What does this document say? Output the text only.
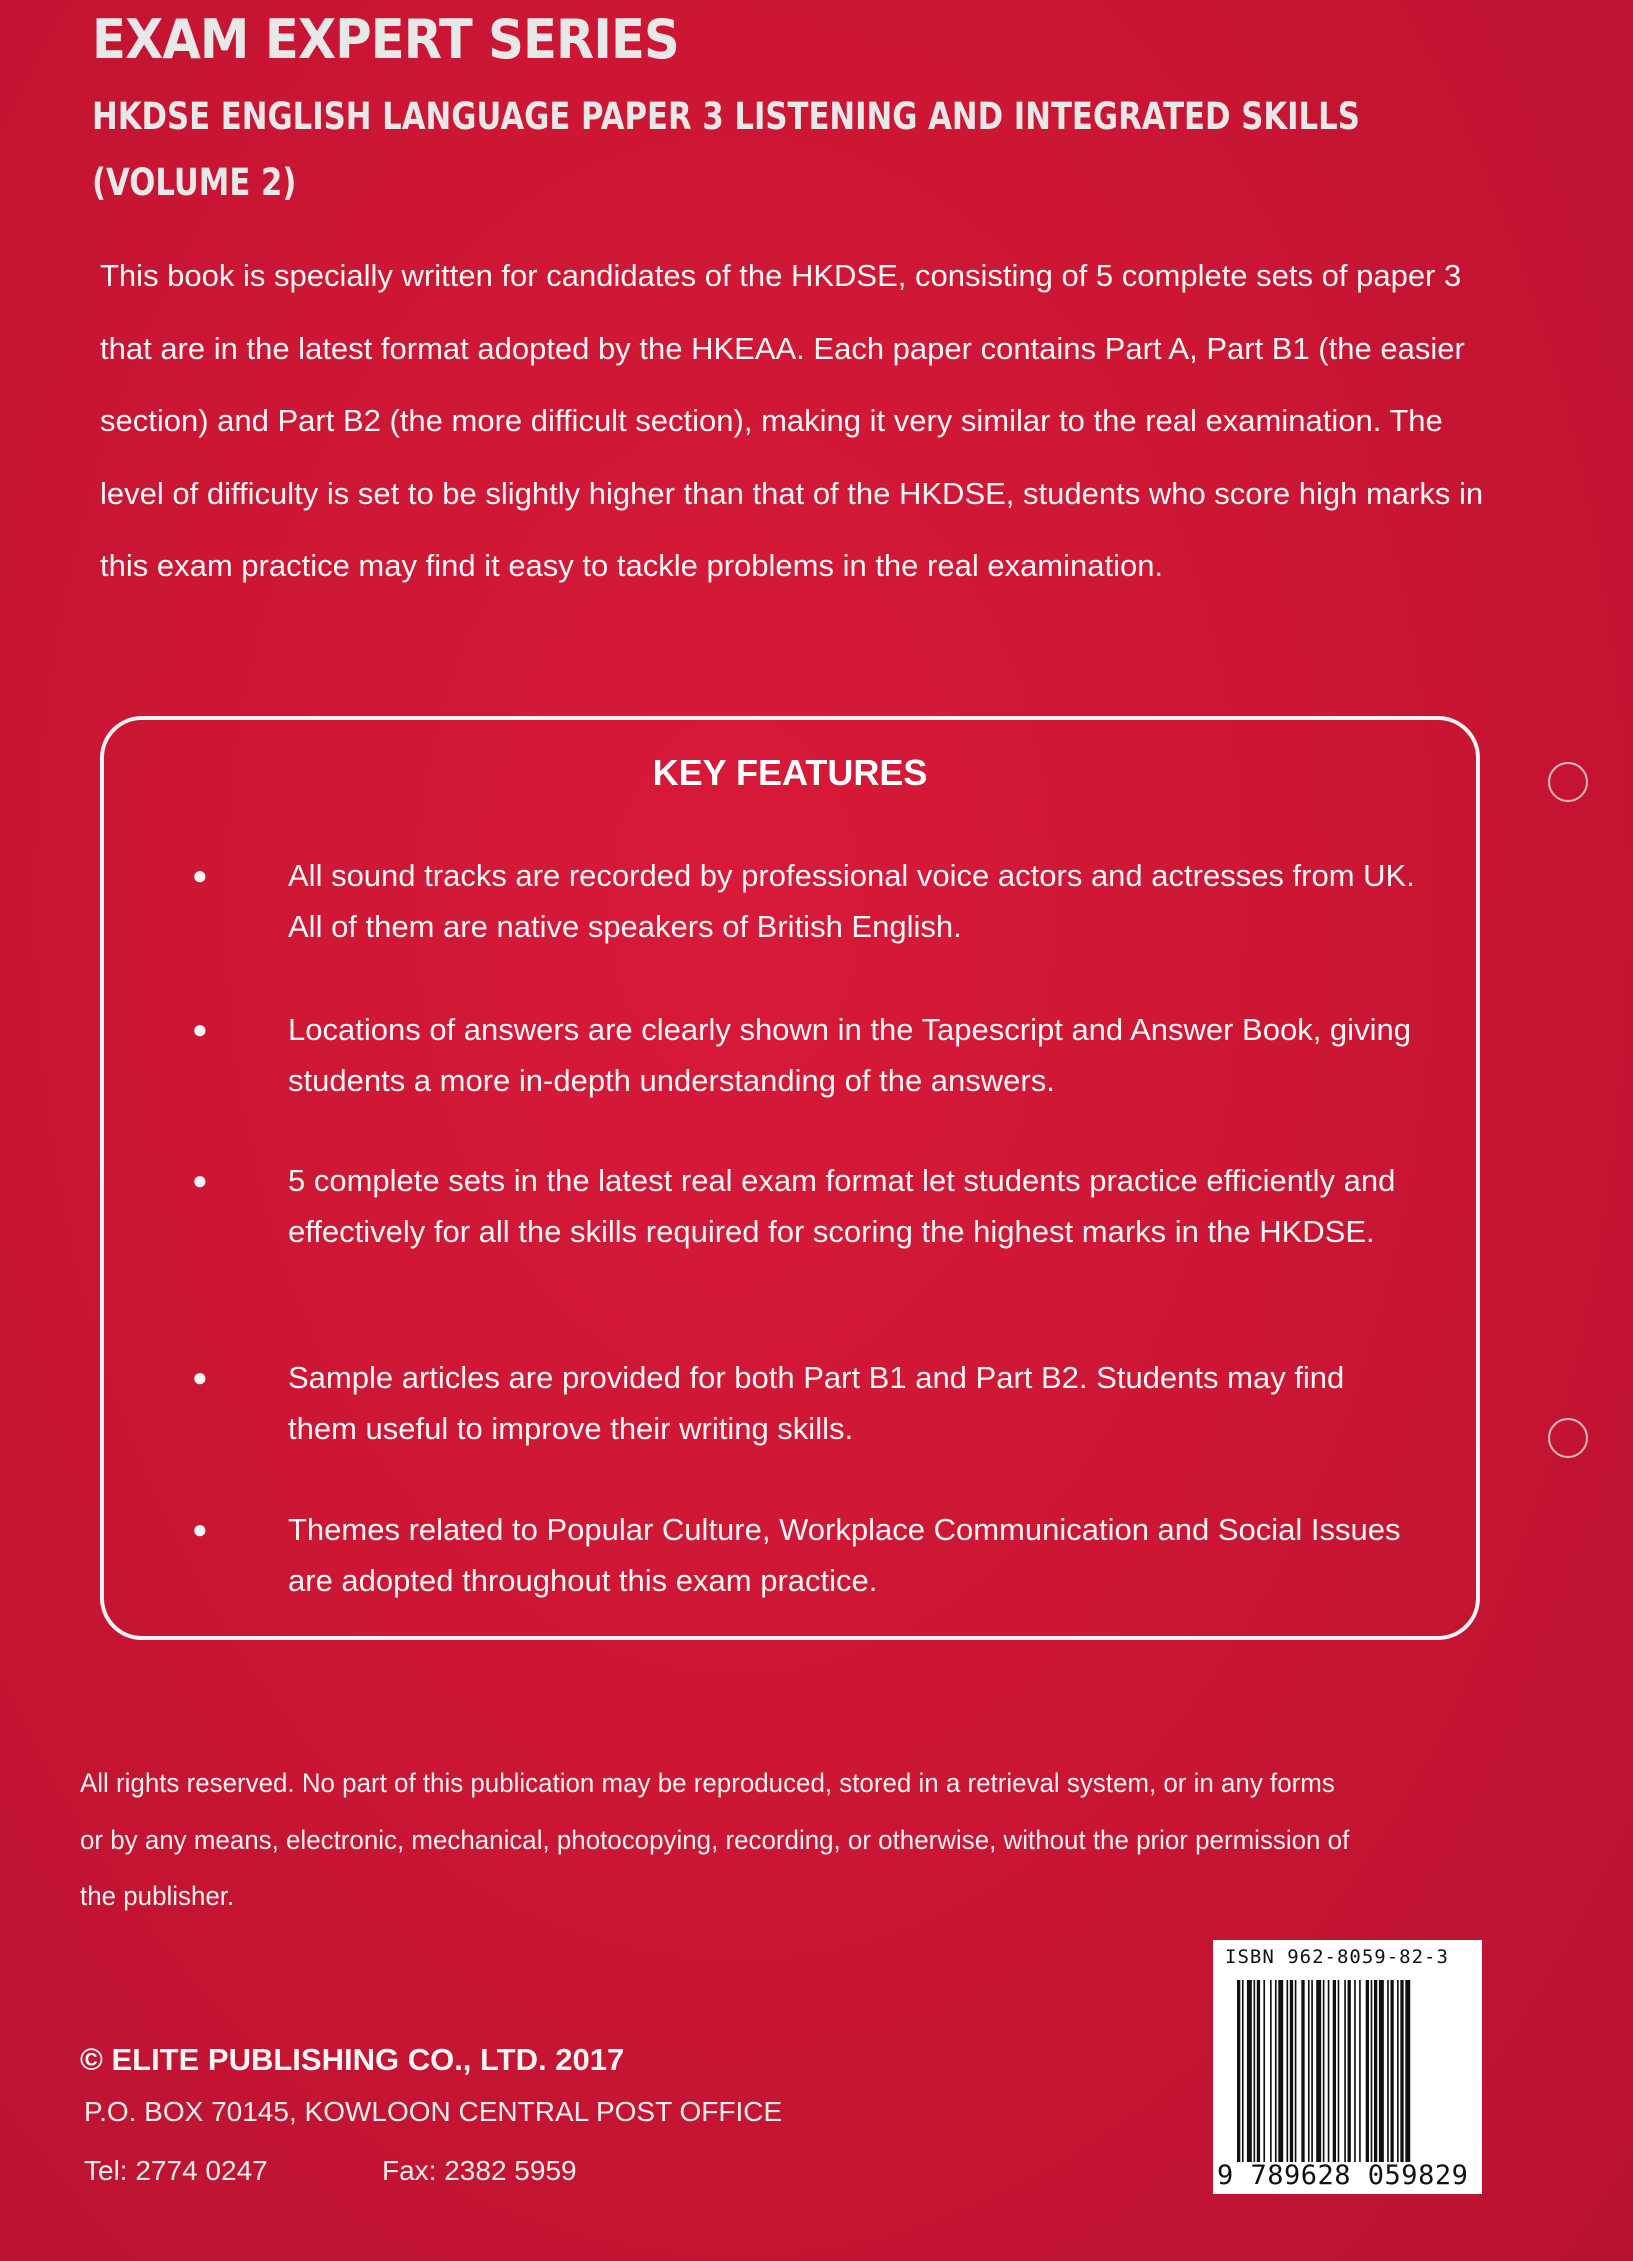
EXAM EXPERT SERIES
HKDSE ENGLISH LANGUAGE PAPER 3 LISTENING AND INTEGRATED SKILLS
(VOLUME 2)

This book is specially written for candidates of the HKDSE, consisting of 5 complete sets of paper 3 that are in the latest format adopted by the HKEAA. Each paper contains Part A, Part B1 (the easier section) and Part B2 (the more difficult section), making it very similar to the real examination. The level of difficulty is set to be slightly higher than that of the HKDSE, students who score high marks in this exam practice may find it easy to tackle problems in the real examination.

KEY FEATURES
●	All sound tracks are recorded by professional voice actors and actresses from UK. All of them are native speakers of British English.
●	Locations of answers are clearly shown in the Tapescript and Answer Book, giving students a more in-depth understanding of the answers.
●	5 complete sets in the latest real exam format let students practice efficiently and effectively for all the skills required for scoring the highest marks in the HKDSE.
●	Sample articles are provided for both Part B1 and Part B2. Students may find them useful to improve their writing skills.
●	Themes related to Popular Culture, Workplace Communication and Social Issues are adopted throughout this exam practice.

All rights reserved. No part of this publication may be reproduced, stored in a retrieval system, or in any forms or by any means, electronic, mechanical, photocopying, recording, or otherwise, without the prior permission of the publisher.

© ELITE PUBLISHING CO., LTD. 2017

P.O. BOX 70145, KOWLOON CENTRAL POST OFFICE

Tel: 2774 0247	Fax: 2382 5959

ISBN 962-8059-82-3

9 789628 059829
